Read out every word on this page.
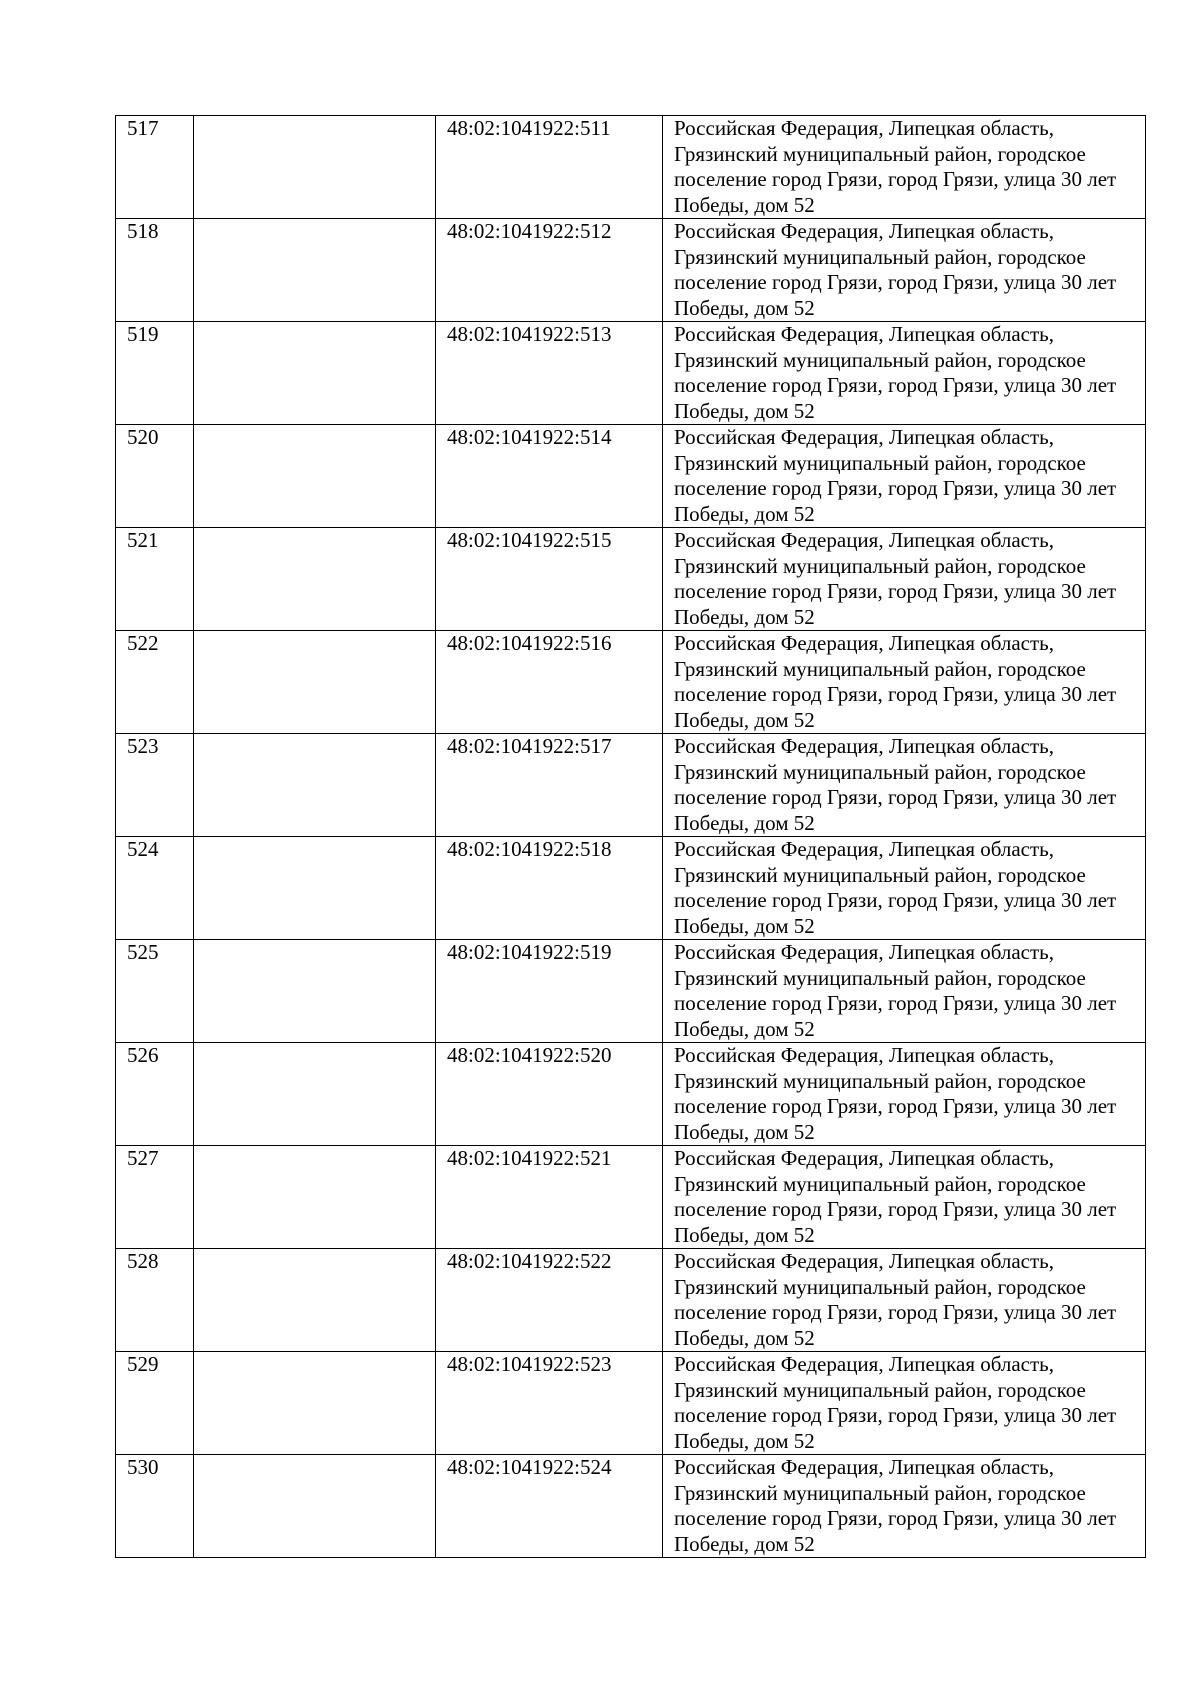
517		48:02:1041922:511	Российская Федерация, Липецкая область, Грязинский муниципальный район, городское поселение город Грязи, город Грязи, улица 30 лет Победы, дом 52
518		48:02:1041922:512	Российская Федерация, Липецкая область, Грязинский муниципальный район, городское поселение город Грязи, город Грязи, улица 30 лет Победы, дом 52
519		48:02:1041922:513	Российская Федерация, Липецкая область, Грязинский муниципальный район, городское поселение город Грязи, город Грязи, улица 30 лет Победы, дом 52
520		48:02:1041922:514	Российская Федерация, Липецкая область, Грязинский муниципальный район, городское поселение город Грязи, город Грязи, улица 30 лет Победы, дом 52
521		48:02:1041922:515	Российская Федерация, Липецкая область, Грязинский муниципальный район, городское поселение город Грязи, город Грязи, улица 30 лет Победы, дом 52
522		48:02:1041922:516	Российская Федерация, Липецкая область, Грязинский муниципальный район, городское поселение город Грязи, город Грязи, улица 30 лет Победы, дом 52
523		48:02:1041922:517	Российская Федерация, Липецкая область, Грязинский муниципальный район, городское поселение город Грязи, город Грязи, улица 30 лет Победы, дом 52
524		48:02:1041922:518	Российская Федерация, Липецкая область, Грязинский муниципальный район, городское поселение город Грязи, город Грязи, улица 30 лет Победы, дом 52
525		48:02:1041922:519	Российская Федерация, Липецкая область, Грязинский муниципальный район, городское поселение город Грязи, город Грязи, улица 30 лет Победы, дом 52
526		48:02:1041922:520	Российская Федерация, Липецкая область, Грязинский муниципальный район, городское поселение город Грязи, город Грязи, улица 30 лет Победы, дом 52
527		48:02:1041922:521	Российская Федерация, Липецкая область, Грязинский муниципальный район, городское поселение город Грязи, город Грязи, улица 30 лет Победы, дом 52
528		48:02:1041922:522	Российская Федерация, Липецкая область, Грязинский муниципальный район, городское поселение город Грязи, город Грязи, улица 30 лет Победы, дом 52
529		48:02:1041922:523	Российская Федерация, Липецкая область, Грязинский муниципальный район, городское поселение город Грязи, город Грязи, улица 30 лет Победы, дом 52
530		48:02:1041922:524	Российская Федерация, Липецкая область, Грязинский муниципальный район, городское поселение город Грязи, город Грязи, улица 30 лет Победы, дом 52
